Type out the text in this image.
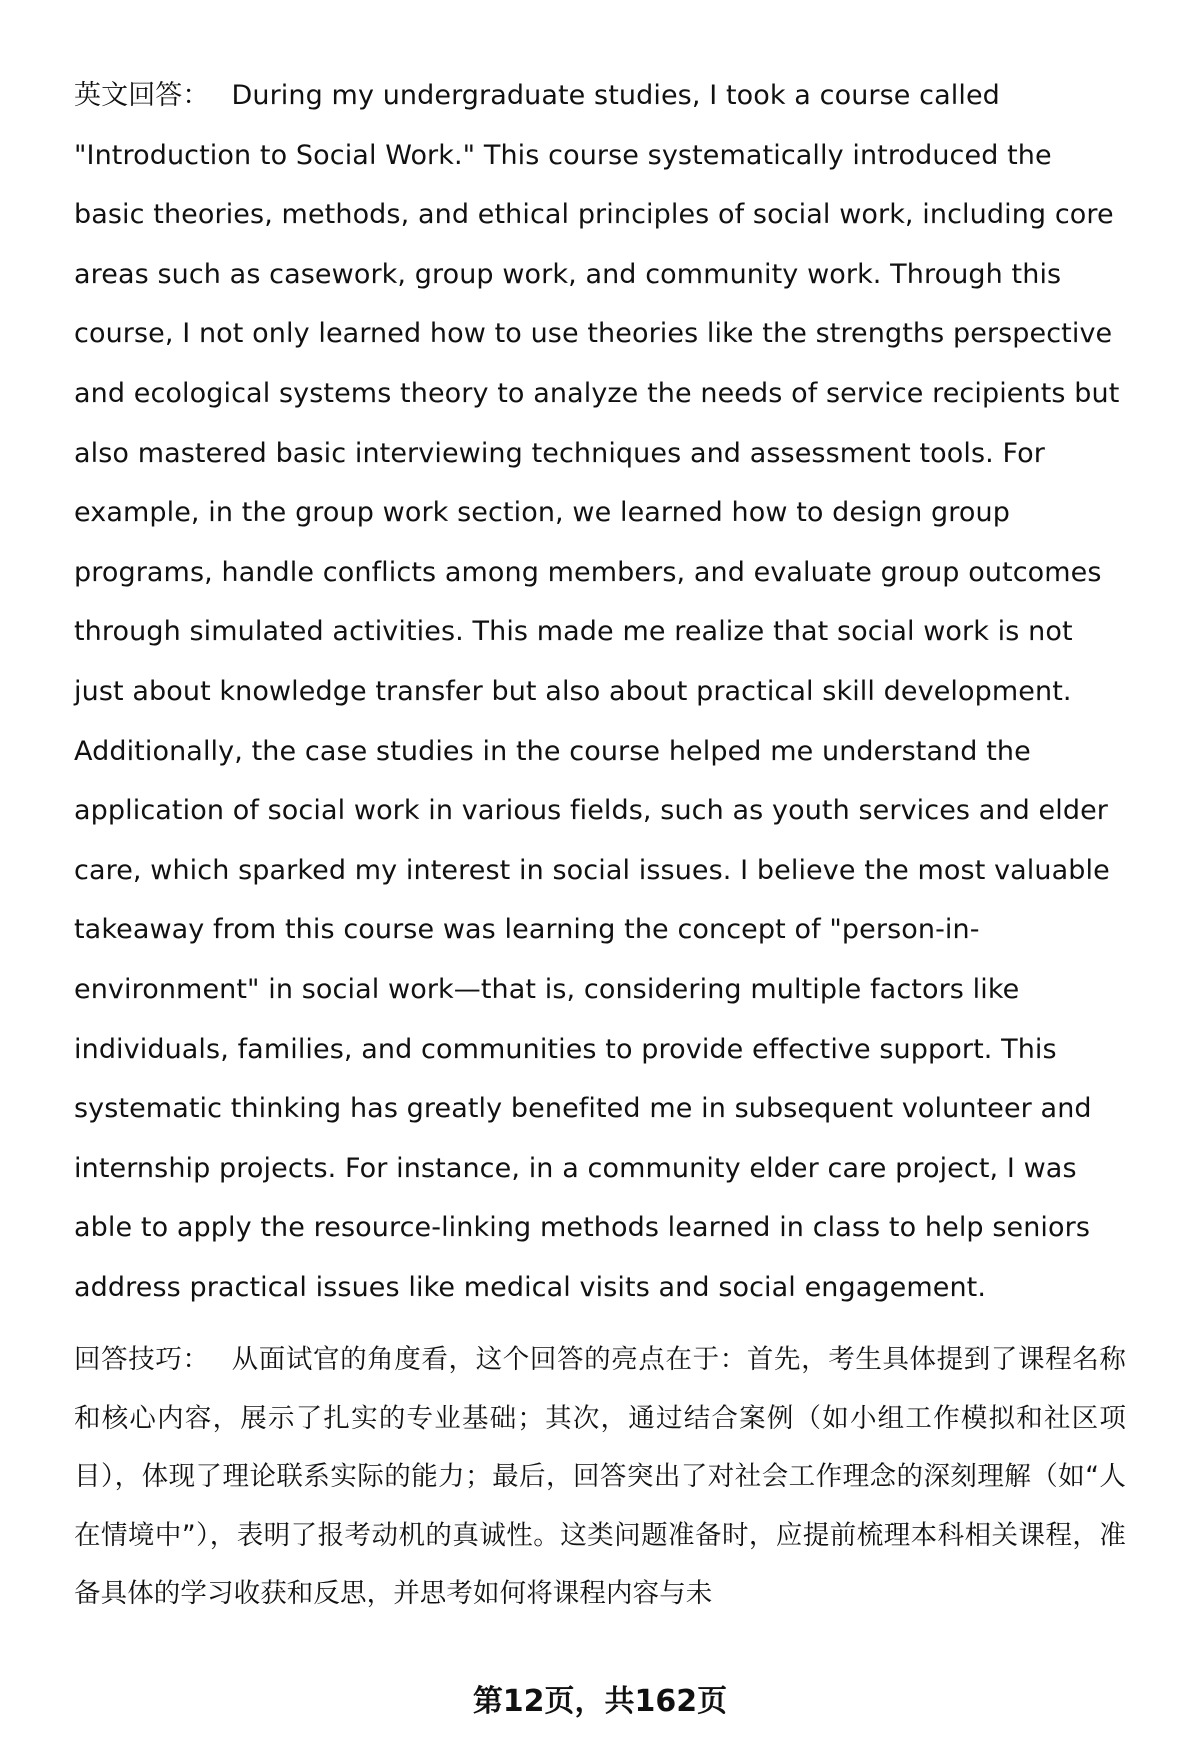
英文回答： During my undergraduate studies, I took a course called "Introduction to Social Work." This course systematically introduced the basic theories, methods, and ethical principles of social work, including core areas such as casework, group work, and community work. Through this course, I not only learned how to use theories like the strengths perspective and ecological systems theory to analyze the needs of service recipients but also mastered basic interviewing techniques and assessment tools. For example, in the group work section, we learned how to design group programs, handle conflicts among members, and evaluate group outcomes through simulated activities. This made me realize that social work is not just about knowledge transfer but also about practical skill development. Additionally, the case studies in the course helped me understand the application of social work in various fields, such as youth services and elder care, which sparked my interest in social issues. I believe the most valuable takeaway from this course was learning the concept of "person-in-environment" in social work—that is, considering multiple factors like individuals, families, and communities to provide effective support. This systematic thinking has greatly benefited me in subsequent volunteer and internship projects. For instance, in a community elder care project, I was able to apply the resource-linking methods learned in class to help seniors address practical issues like medical visits and social engagement.

回答技巧： 从面试官的角度看，这个回答的亮点在于：首先，考生具体提到了课程名称和核心内容，展示了扎实的专业基础；其次，通过结合案例（如小组工作模拟和社区项目），体现了理论联系实际的能力；最后，回答突出了对社会工作理念的深刻理解（如“人在情境中”），表明了报考动机的真诚性。这类问题准备时，应提前梳理本科相关课程，准备具体的学习收获和反思，并思考如何将课程内容与未

第12页，共162页
